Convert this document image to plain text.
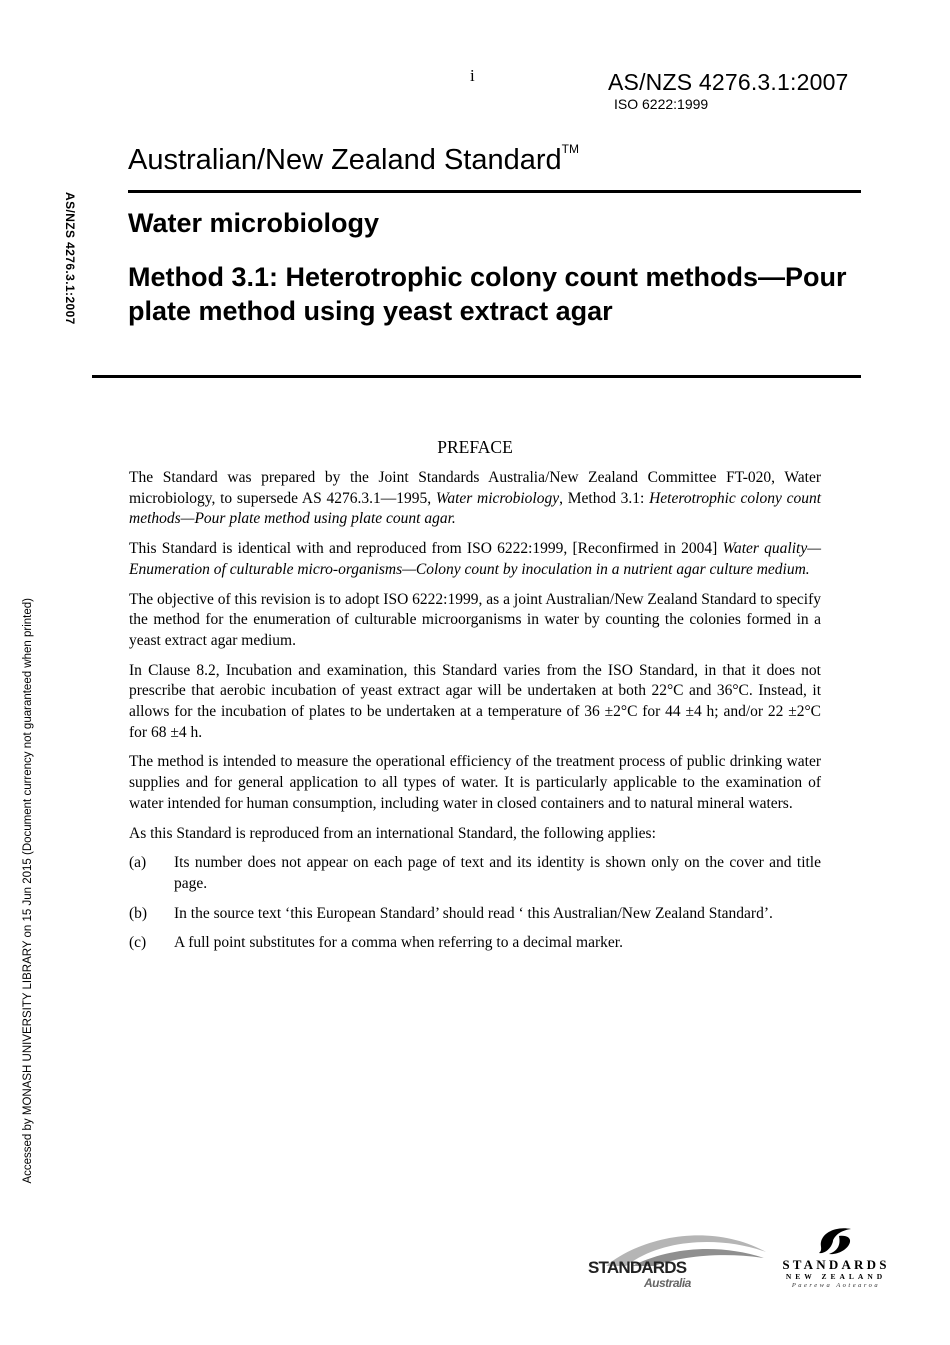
i	AS/NZS 4276.3.1:2007
ISO 6222:1999
Australian/New Zealand Standard™
Water microbiology
Method 3.1: Heterotrophic colony count methods—Pour plate method using yeast extract agar
AS/NZS 4276.3.1:2007
Accessed by MONASH UNIVERSITY LIBRARY on 15 Jun 2015 (Document currency not guaranteed when printed)
PREFACE

The Standard was prepared by the Joint Standards Australia/New Zealand Committee FT-020, Water microbiology, to supersede AS 4276.3.1—1995, Water microbiology, Method 3.1: Heterotrophic colony count methods—Pour plate method using plate count agar.

This Standard is identical with and reproduced from ISO 6222:1999, [Reconfirmed in 2004] Water quality—Enumeration of culturable micro-organisms—Colony count by inoculation in a nutrient agar culture medium.

The objective of this revision is to adopt ISO 6222:1999, as a joint Australian/New Zealand Standard to specify the method for the enumeration of culturable microorganisms in water by counting the colonies formed in a yeast extract agar medium.

In Clause 8.2, Incubation and examination, this Standard varies from the ISO Standard, in that it does not prescribe that aerobic incubation of yeast extract agar will be undertaken at both 22°C and 36°C. Instead, it allows for the incubation of plates to be undertaken at a temperature of 36 ±2°C for 44 ±4 h; and/or 22 ±2°C for 68 ±4 h.

The method is intended to measure the operational efficiency of the treatment process of public drinking water supplies and for general application to all types of water. It is particularly applicable to the examination of water intended for human consumption, including water in closed containers and to natural mineral waters.

As this Standard is reproduced from an international Standard, the following applies:

(a)	Its number does not appear on each page of text and its identity is shown only on the cover and title page.
(b)	In the source text ‘this European Standard’ should read ‘ this Australian/New Zealand Standard’.
(c)	A full point substitutes for a comma when referring to a decimal marker.
STANDARDS
Australia
STANDARDS
NEW ZEALAND
Paerewa Aotearoa
